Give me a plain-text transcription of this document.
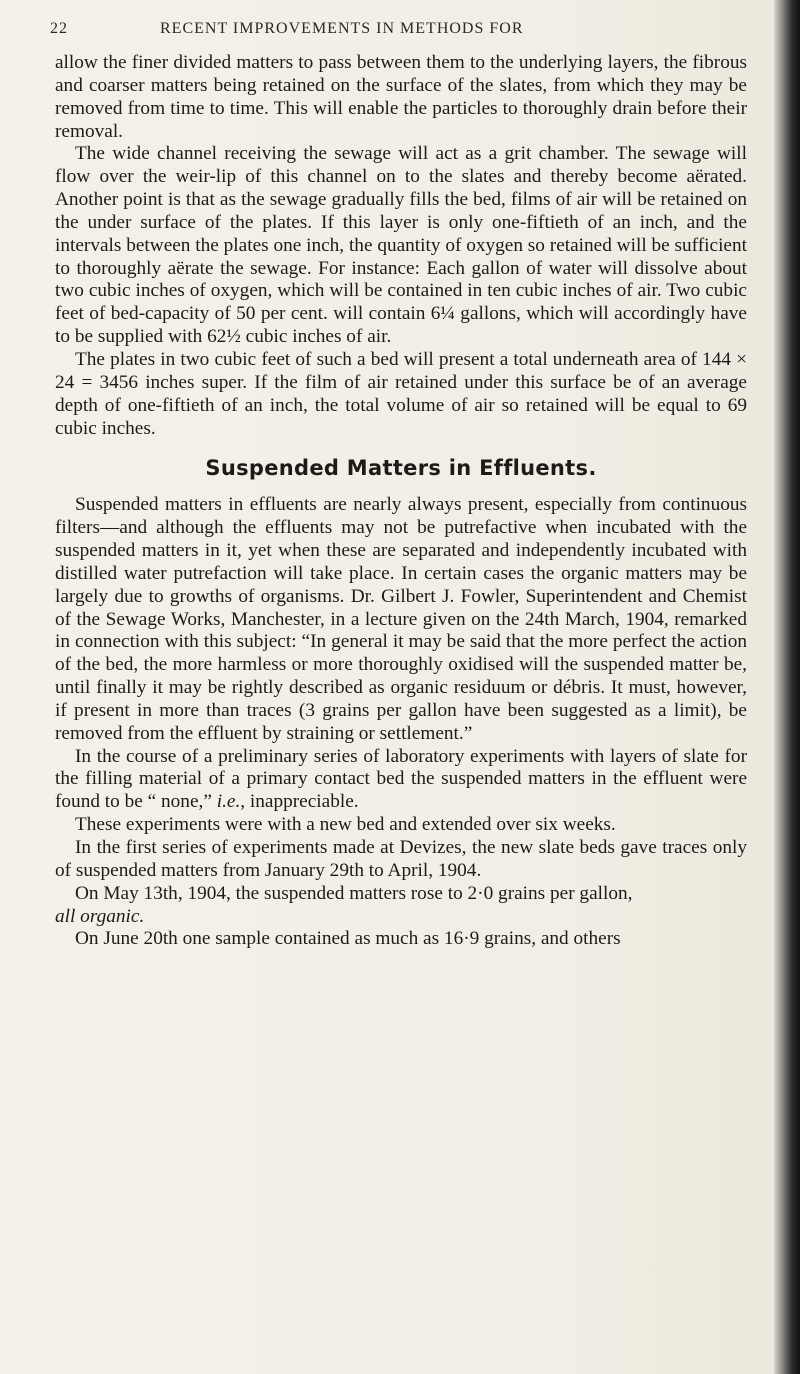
22	RECENT IMPROVEMENTS IN METHODS FOR

allow the finer divided matters to pass between them to the underlying layers, the fibrous and coarser matters being retained on the surface of the slates, from which they may be removed from time to time. This will enable the particles to thoroughly drain before their removal.

The wide channel receiving the sewage will act as a grit chamber. The sewage will flow over the weir-lip of this channel on to the slates and thereby become aërated. Another point is that as the sewage gradually fills the bed, films of air will be retained on the under surface of the plates. If this layer is only one-fiftieth of an inch, and the intervals between the plates one inch, the quantity of oxygen so retained will be sufficient to thoroughly aërate the sewage. For instance: Each gallon of water will dissolve about two cubic inches of oxygen, which will be contained in ten cubic inches of air. Two cubic feet of bed-capacity of 50 per cent. will contain 6¼ gallons, which will accordingly have to be supplied with 62½ cubic inches of air.

The plates in two cubic feet of such a bed will present a total underneath area of 144 × 24 = 3456 inches super. If the film of air retained under this surface be of an average depth of one-fiftieth of an inch, the total volume of air so retained will be equal to 69 cubic inches.

Suspended Matters in Effluents.

Suspended matters in effluents are nearly always present, especially from continuous filters—and although the effluents may not be putrefactive when incubated with the suspended matters in it, yet when these are separated and independently incubated with distilled water putrefaction will take place. In certain cases the organic matters may be largely due to growths of organisms. Dr. Gilbert J. Fowler, Superintendent and Chemist of the Sewage Works, Manchester, in a lecture given on the 24th March, 1904, remarked in connection with this subject: “In general it may be said that the more perfect the action of the bed, the more harmless or more thoroughly oxidised will the suspended matter be, until finally it may be rightly described as organic residuum or débris. It must, however, if present in more than traces (3 grains per gallon have been suggested as a limit), be removed from the effluent by straining or settlement.”

In the course of a preliminary series of laboratory experiments with layers of slate for the filling material of a primary contact bed the suspended matters in the effluent were found to be “ none,” i.e., inappreciable.

These experiments were with a new bed and extended over six weeks.

In the first series of experiments made at Devizes, the new slate beds gave traces only of suspended matters from January 29th to April, 1904.

On May 13th, 1904, the suspended matters rose to 2·0 grains per gallon,

all organic.

On June 20th one sample contained as much as 16·9 grains, and others
